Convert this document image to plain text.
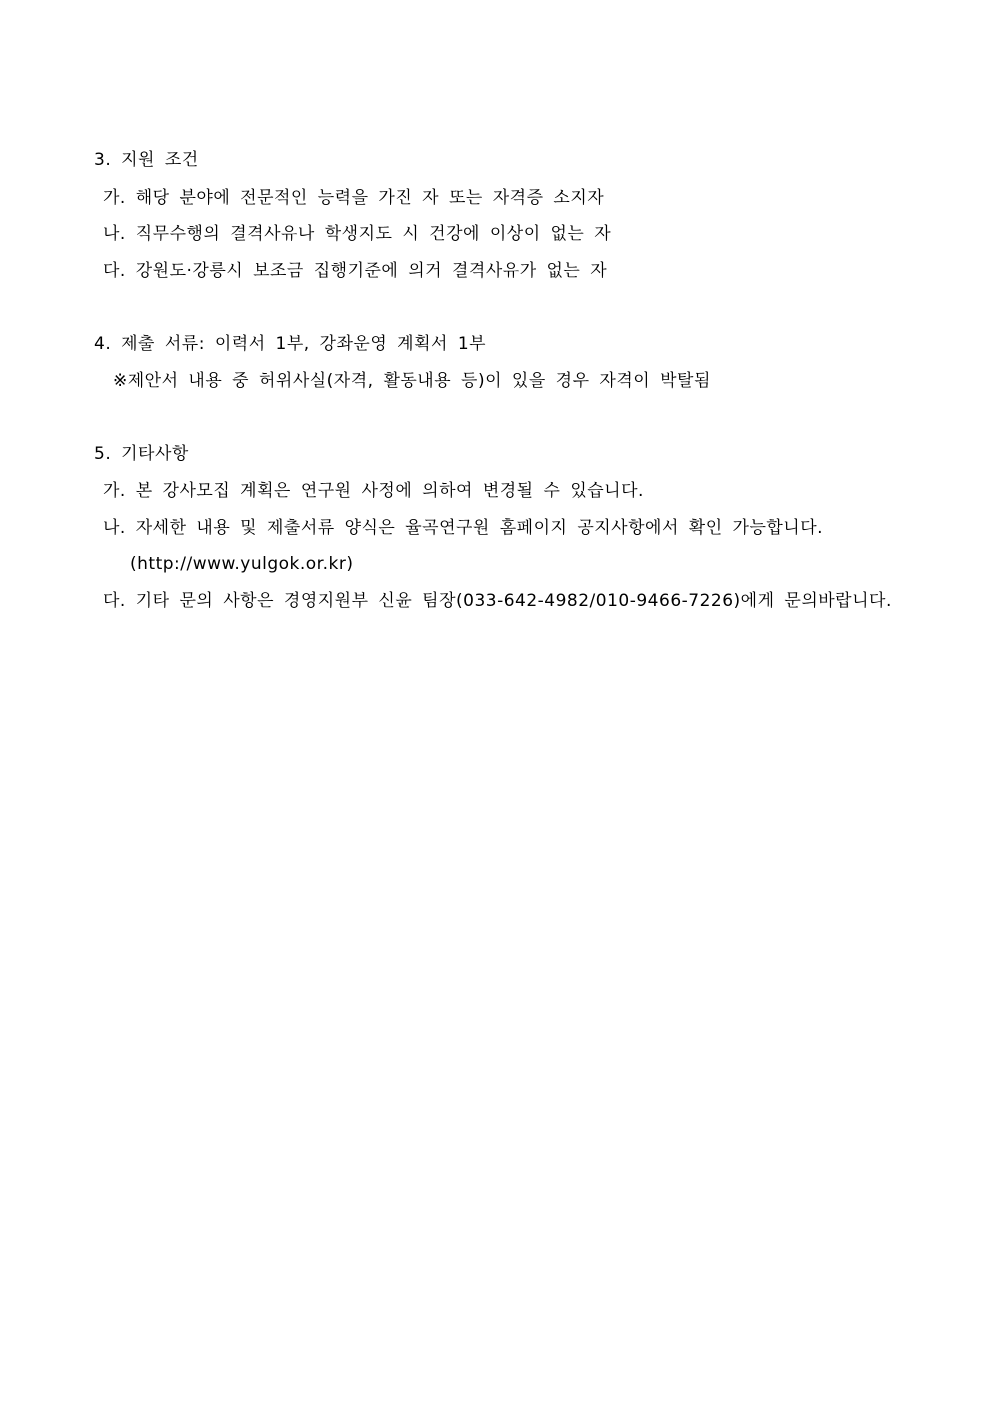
3. 지원 조건
가. 해당 분야에 전문적인 능력을 가진 자 또는 자격증 소지자
나. 직무수행의 결격사유나 학생지도 시 건강에 이상이 없는 자
다. 강원도·강릉시 보조금 집행기준에 의거 결격사유가 없는 자
4. 제출 서류: 이력서 1부, 강좌운영 계획서 1부
※제안서 내용 중 허위사실(자격, 활동내용 등)이 있을 경우 자격이 박탈됨
5. 기타사항
가. 본 강사모집 계획은 연구원 사정에 의하여 변경될 수 있습니다.
나. 자세한 내용 및 제출서류 양식은 율곡연구원 홈페이지 공지사항에서 확인 가능합니다.
(http://www.yulgok.or.kr)
다. 기타 문의 사항은 경영지원부 신윤 팀장(033-642-4982/010-9466-7226)에게 문의바랍니다.
